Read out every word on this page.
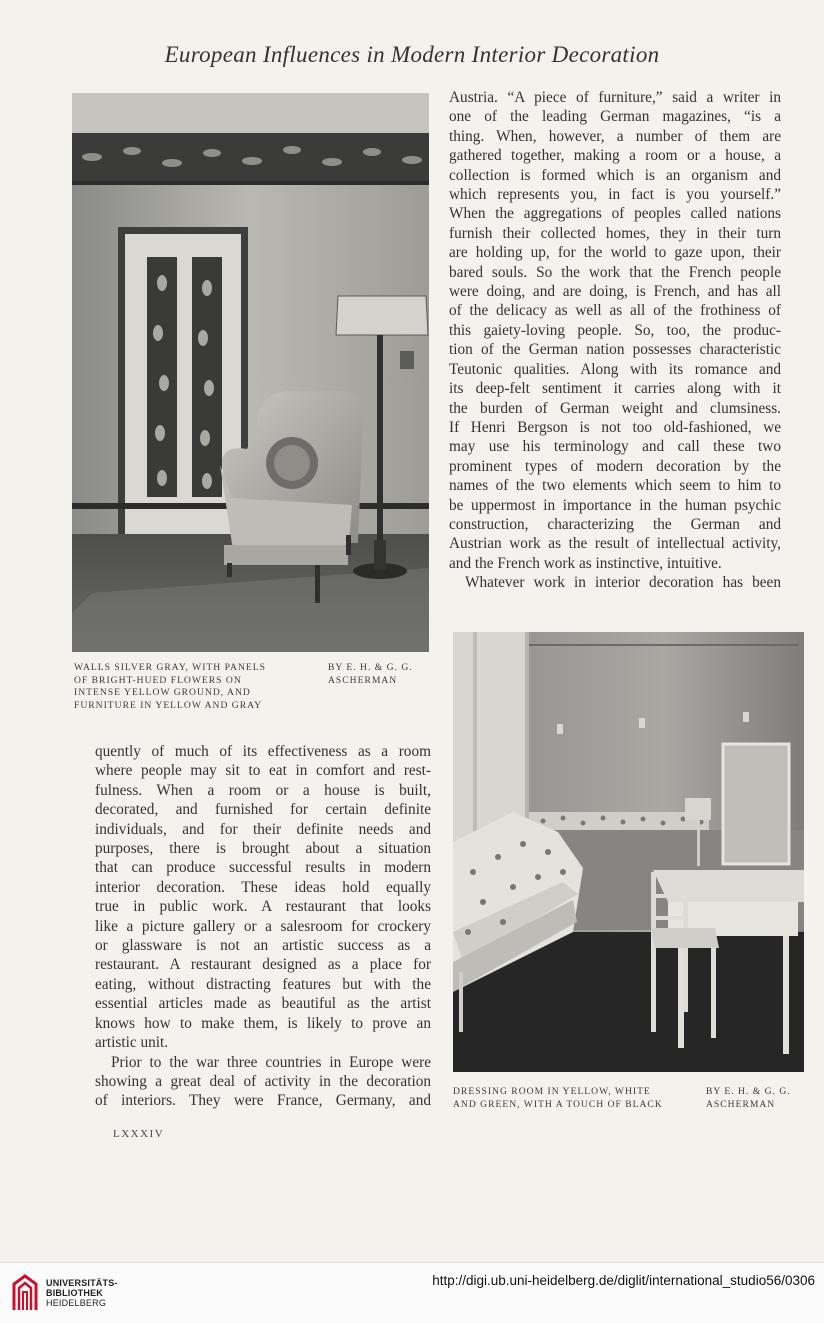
European Influences in Modern Interior Decoration
WALLS SILVER GRAY, WITH PANELS
OF BRIGHT-HUED FLOWERS ON
INTENSE YELLOW GROUND, AND
FURNITURE IN YELLOW AND GRAY
BY E. H. & G. G.
ASCHERMAN
Austria. “A piece of furniture,” said a writer in
one of the leading German magazines, “is a
thing. When, however, a number of them are
gathered together, making a room or a house, a
collection is formed which is an organism and
which represents you, in fact is you yourself.”
When the aggregations of peoples called nations
furnish their collected homes, they in their turn
are holding up, for the world to gaze upon, their
bared souls. So the work that the French people
were doing, and are doing, is French, and has all
of the delicacy as well as all of the frothiness of
this gaiety-loving people. So, too, the produc-
tion of the German nation possesses characteristic
Teutonic qualities. Along with its romance and
its deep-felt sentiment it carries along with it
the burden of German weight and clumsiness.
If Henri Bergson is not too old-fashioned, we
may use his terminology and call these two
prominent types of modern decoration by the
names of the two elements which seem to him to
be uppermost in importance in the human psychic
construction, characterizing the German and
Austrian work as the result of intellectual activity,
and the French work as instinctive, intuitive.
Whatever work in interior decoration has been
DRESSING ROOM IN YELLOW, WHITE
AND GREEN, WITH A TOUCH OF BLACK
BY E. H. & G. G.
ASCHERMAN
quently of much of its effectiveness as a room
where people may sit to eat in comfort and rest-
fulness. When a room or a house is built,
decorated, and furnished for certain definite
individuals, and for their definite needs and
purposes, there is brought about a situation
that can produce successful results in modern
interior decoration. These ideas hold equally
true in public work. A restaurant that looks
like a picture gallery or a salesroom for crockery
or glassware is not an artistic success as a
restaurant. A restaurant designed as a place for
eating, without distracting features but with the
essential articles made as beautiful as the artist
knows how to make them, is likely to prove an
artistic unit.
Prior to the war three countries in Europe were
showing a great deal of activity in the decoration
of interiors. They were France, Germany, and
LXXXIV
UNIVERSITÄTS-
BIBLIOTHEK
HEIDELBERG
http://digi.ub.uni-heidelberg.de/diglit/international_studio56/0306
